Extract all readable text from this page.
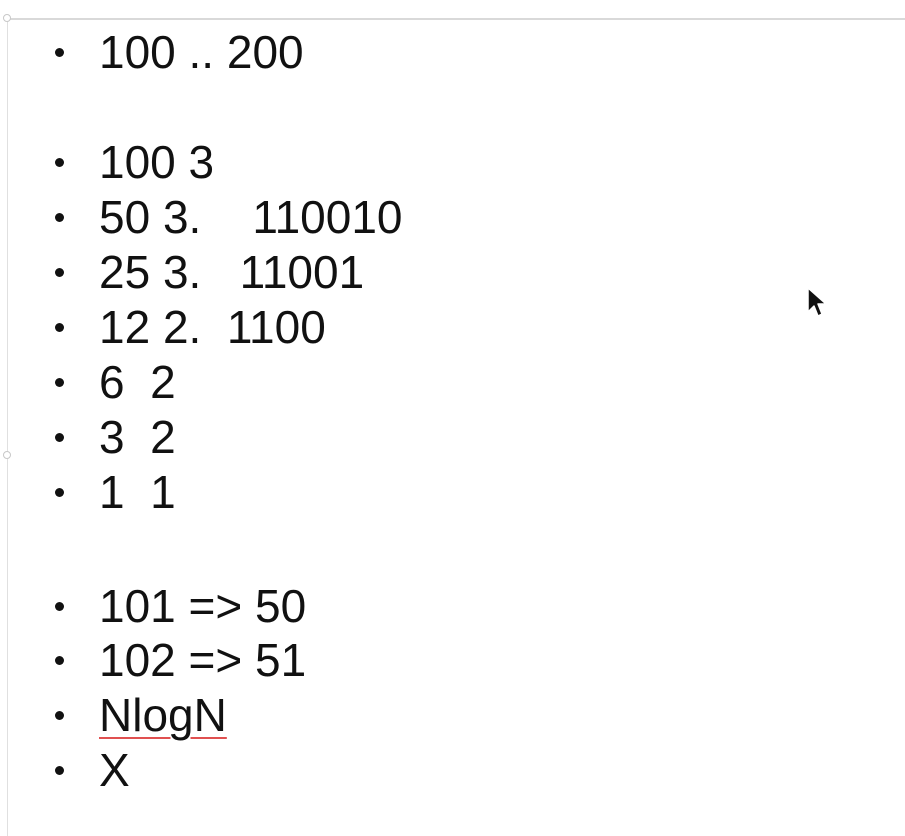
100 .. 200
100 3
50 3.    110010
25 3.   11001
12 2.  1100
6  2
3  2
1  1
101 => 50
102 => 51
NlogN
X
